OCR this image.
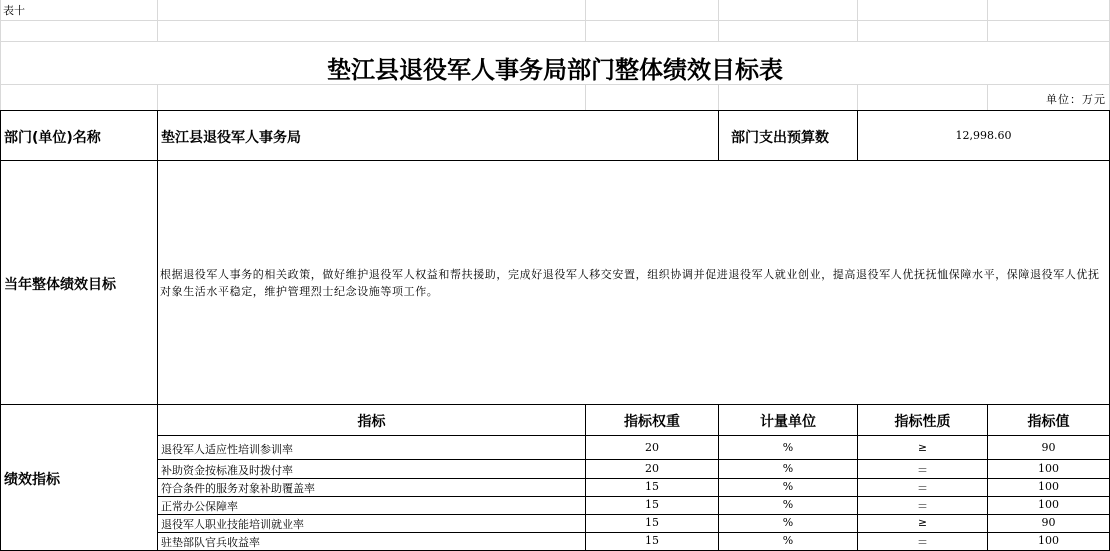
表十
垫江县退役军人事务局部门整体绩效目标表
单位：万元
部门(单位)名称	垫江县退役军人事务局	部门支出预算数	12,998.60
当年整体绩效目标
根据退役军人事务的相关政策，做好维护退役军人权益和帮扶援助，完成好退役军人移交安置，组织协调并促进退役军人就业创业，提高退役军人优抚抚恤保障水平，保障退役军人优抚对象生活水平稳定，维护管理烈士纪念设施等项工作。
绩效指标
指标	指标权重	计量单位	指标性质	指标值
退役军人适应性培训参训率	20	%	≥	90
补助资金按标准及时拨付率	20	%	＝	100
符合条件的服务对象补助覆盖率	15	%	＝	100
正常办公保障率	15	%	＝	100
退役军人职业技能培训就业率	15	%	≥	90
驻垫部队官兵收益率	15	%	＝	100
